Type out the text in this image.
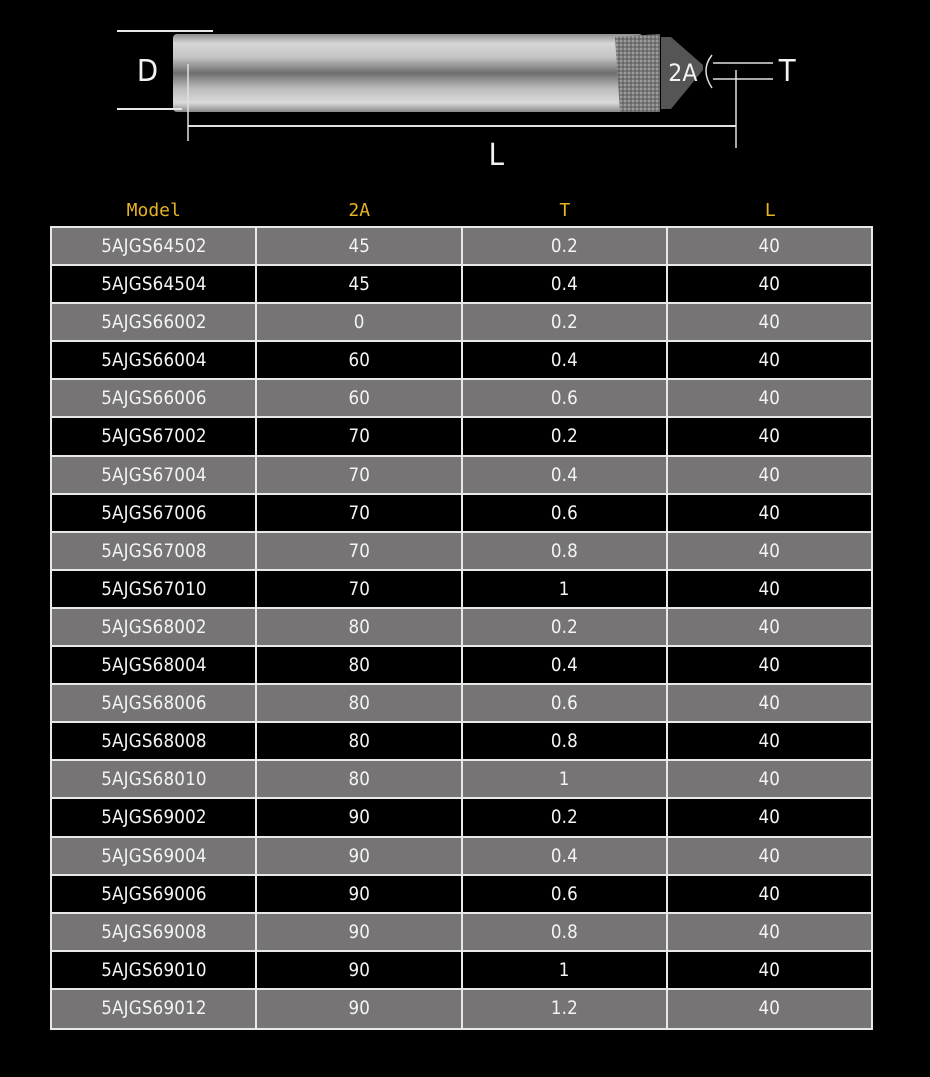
D
L
2A	T
Model	2A	T	L
5AJGS64502	45	0.2	40
5AJGS64504	45	0.4	40
5AJGS66002	0	0.2	40
5AJGS66004	60	0.4	40
5AJGS66006	60	0.6	40
5AJGS67002	70	0.2	40
5AJGS67004	70	0.4	40
5AJGS67006	70	0.6	40
5AJGS67008	70	0.8	40
5AJGS67010	70	1	40
5AJGS68002	80	0.2	40
5AJGS68004	80	0.4	40
5AJGS68006	80	0.6	40
5AJGS68008	80	0.8	40
5AJGS68010	80	1	40
5AJGS69002	90	0.2	40
5AJGS69004	90	0.4	40
5AJGS69006	90	0.6	40
5AJGS69008	90	0.8	40
5AJGS69010	90	1	40
5AJGS69012	90	1.2	40
